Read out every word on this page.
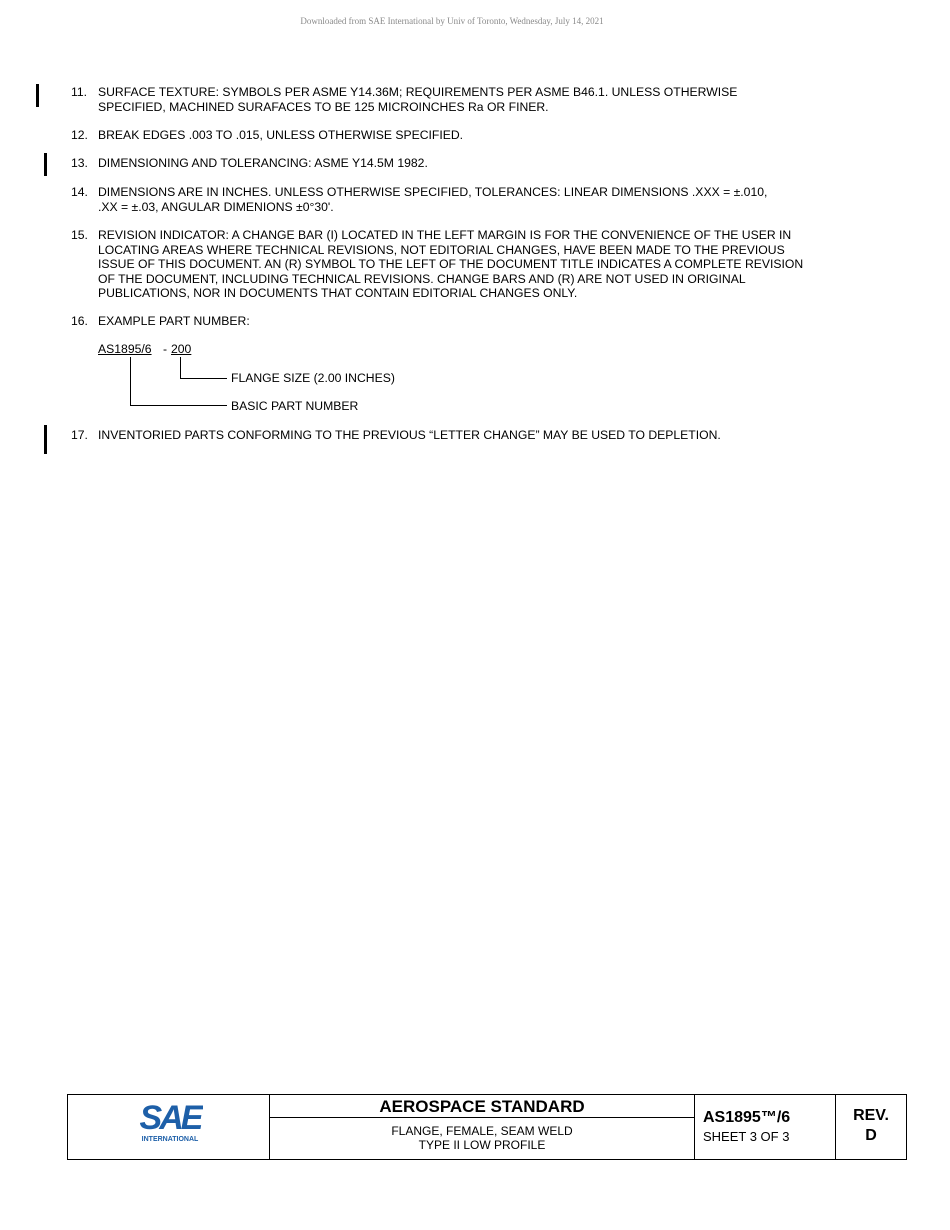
Downloaded from SAE International by Univ of Toronto, Wednesday, July 14, 2021
11. SURFACE TEXTURE: SYMBOLS PER ASME Y14.36M; REQUIREMENTS PER ASME B46.1. UNLESS OTHERWISE
SPECIFIED, MACHINED SURAFACES TO BE 125 MICROINCHES Ra OR FINER.
12. BREAK EDGES .003 TO .015, UNLESS OTHERWISE SPECIFIED.
13. DIMENSIONING AND TOLERANCING: ASME Y14.5M 1982.
14. DIMENSIONS ARE IN INCHES. UNLESS OTHERWISE SPECIFIED, TOLERANCES: LINEAR DIMENSIONS .XXX = ±.010,
.XX = ±.03, ANGULAR DIMENIONS ±0°30'.
15. REVISION INDICATOR: A CHANGE BAR (I) LOCATED IN THE LEFT MARGIN IS FOR THE CONVENIENCE OF THE USER IN
LOCATING AREAS WHERE TECHNICAL REVISIONS, NOT EDITORIAL CHANGES, HAVE BEEN MADE TO THE PREVIOUS
ISSUE OF THIS DOCUMENT. AN (R) SYMBOL TO THE LEFT OF THE DOCUMENT TITLE INDICATES A COMPLETE REVISION
OF THE DOCUMENT, INCLUDING TECHNICAL REVISIONS. CHANGE BARS AND (R) ARE NOT USED IN ORIGINAL
PUBLICATIONS, NOR IN DOCUMENTS THAT CONTAIN EDITORIAL CHANGES ONLY.
16. EXAMPLE PART NUMBER:
AS1895/6 - 200
FLANGE SIZE (2.00 INCHES)
BASIC PART NUMBER
17. INVENTORIED PARTS CONFORMING TO THE PREVIOUS “LETTER CHANGE” MAY BE USED TO DEPLETION.
SAE
INTERNATIONAL
AEROSPACE STANDARD
FLANGE, FEMALE, SEAM WELD
TYPE II LOW PROFILE
AS1895™/6
SHEET 3 OF 3
REV.
D
